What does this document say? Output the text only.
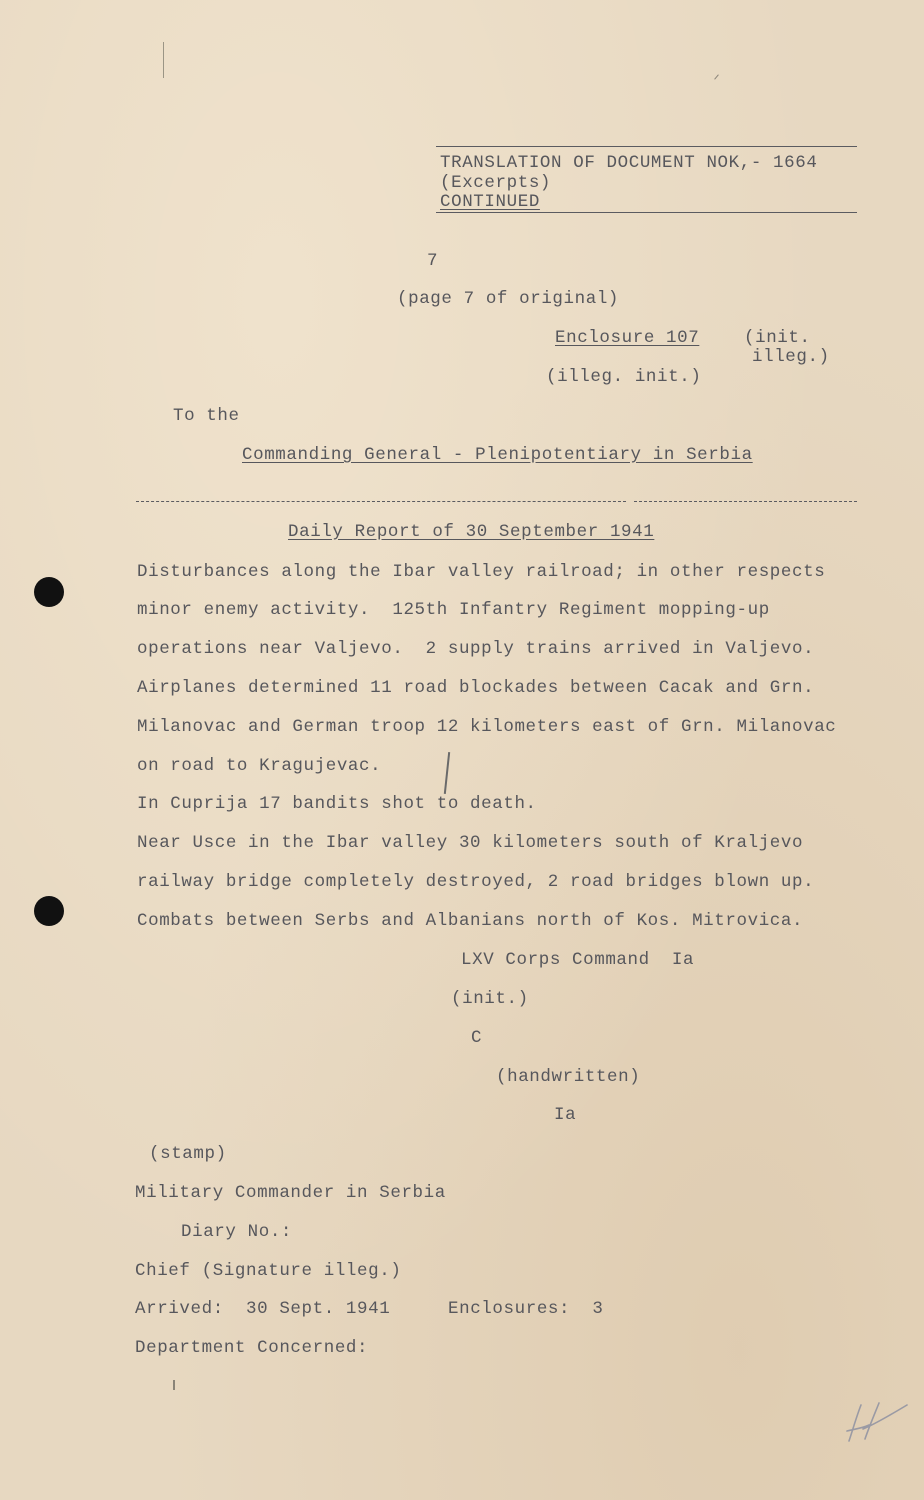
TRANSLATION OF DOCUMENT NOK,- 1664
(Excerpts)
CONTINUED
7
(page 7 of original)
Enclosure 107	(init.
illeg.)
(illeg. init.)
To the
Commanding General - Plenipotentiary in Serbia
Daily Report of 30 September 1941
Disturbances along the Ibar valley railroad; in other respects
minor enemy activity.  125th Infantry Regiment mopping-up
operations near Valjevo.  2 supply trains arrived in Valjevo.
Airplanes determined 11 road blockades between Cacak and Grn.
Milanovac and German troop 12 kilometers east of Grn. Milanovac
on road to Kragujevac.
In Cuprija 17 bandits shot to death.
Near Usce in the Ibar valley 30 kilometers south of Kraljevo
railway bridge completely destroyed, 2 road bridges blown up.
Combats between Serbs and Albanians north of Kos. Mitrovica.
LXV Corps Command  Ia
(init.)
C
(handwritten)
Ia
(stamp)
Military Commander in Serbia
Diary No.:
Chief (Signature illeg.)
Arrived:  30 Sept. 1941	Enclosures:  3
Department Concerned:
